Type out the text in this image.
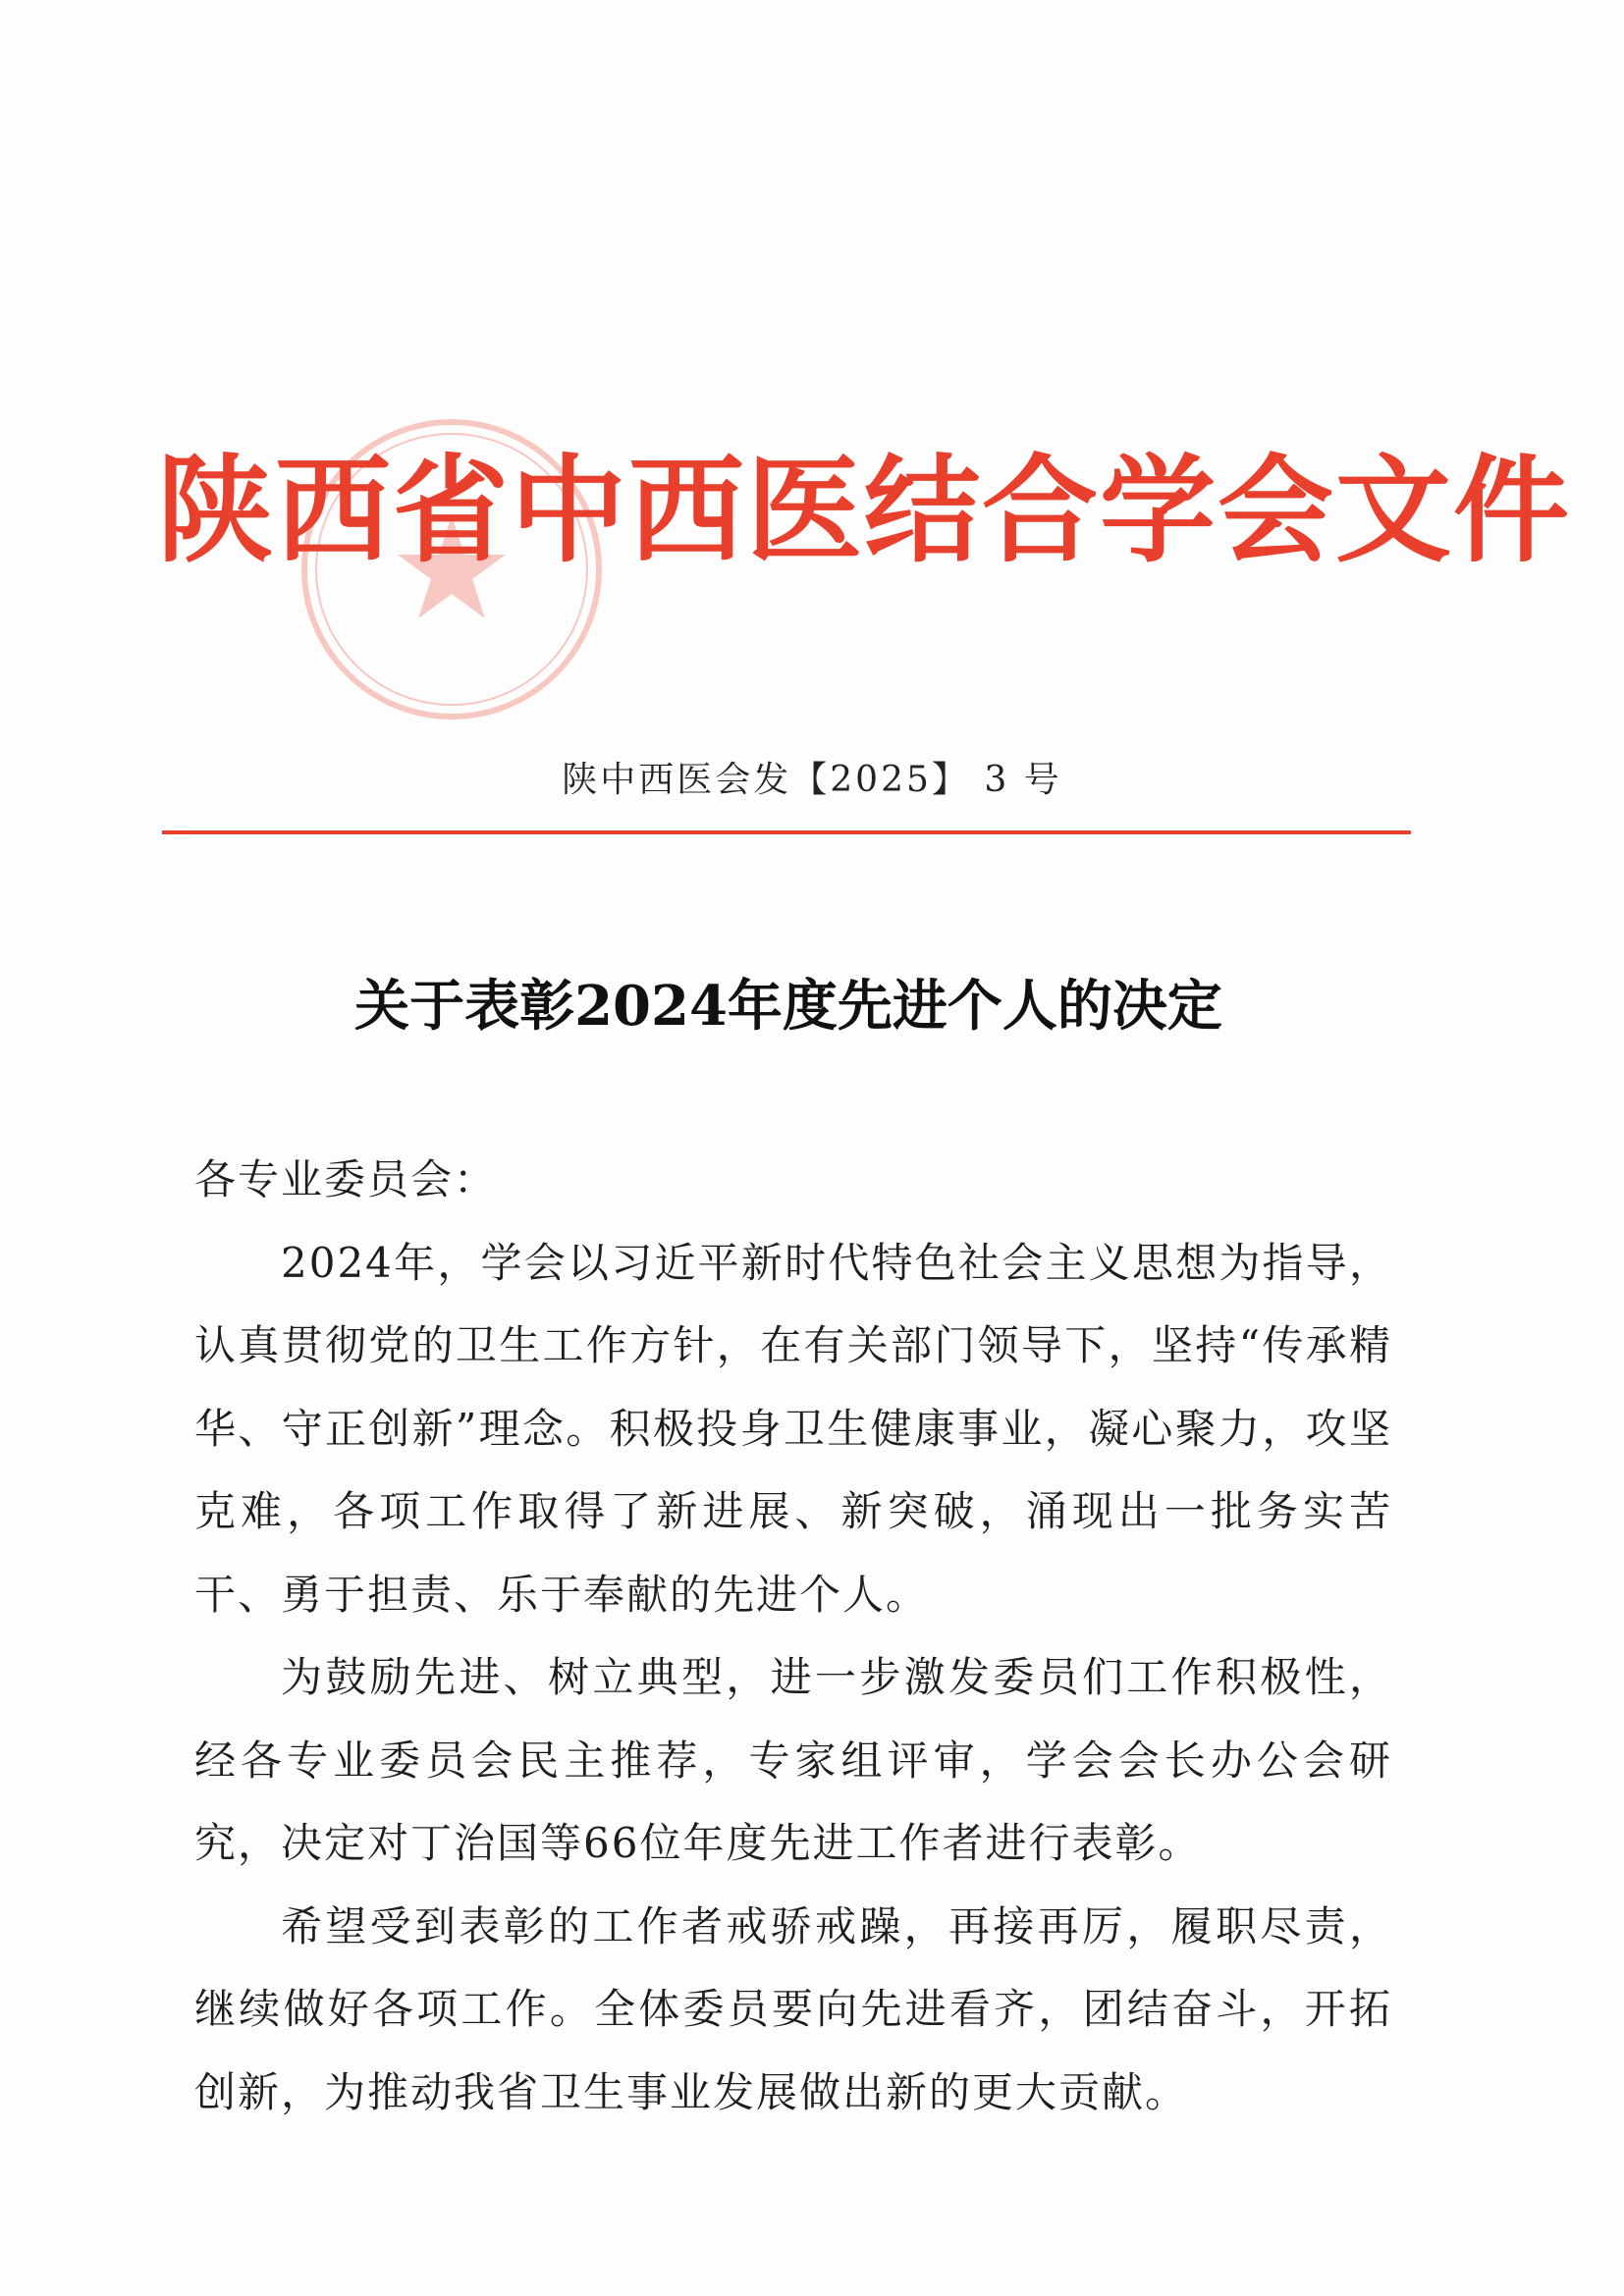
陕西省中西医结合学会文件
陕中西医会发【2025】 3 号
关于表彰2024年度先进个人的决定

各专业委员会：

2024年，学会以习近平新时代特色社会主义思想为指导，认真贯彻党的卫生工作方针，在有关部门领导下，坚持“传承精华、守正创新”理念。积极投身卫生健康事业，凝心聚力，攻坚克难，各项工作取得了新进展、新突破，涌现出一批务实苦干、勇于担责、乐于奉献的先进个人。

为鼓励先进、树立典型，进一步激发委员们工作积极性，经各专业委员会民主推荐，专家组评审，学会会长办公会研究，决定对丁治国等66位年度先进工作者进行表彰。

希望受到表彰的工作者戒骄戒躁，再接再厉，履职尽责，继续做好各项工作。全体委员要向先进看齐，团结奋斗，开拓创新，为推动我省卫生事业发展做出新的更大贡献。
